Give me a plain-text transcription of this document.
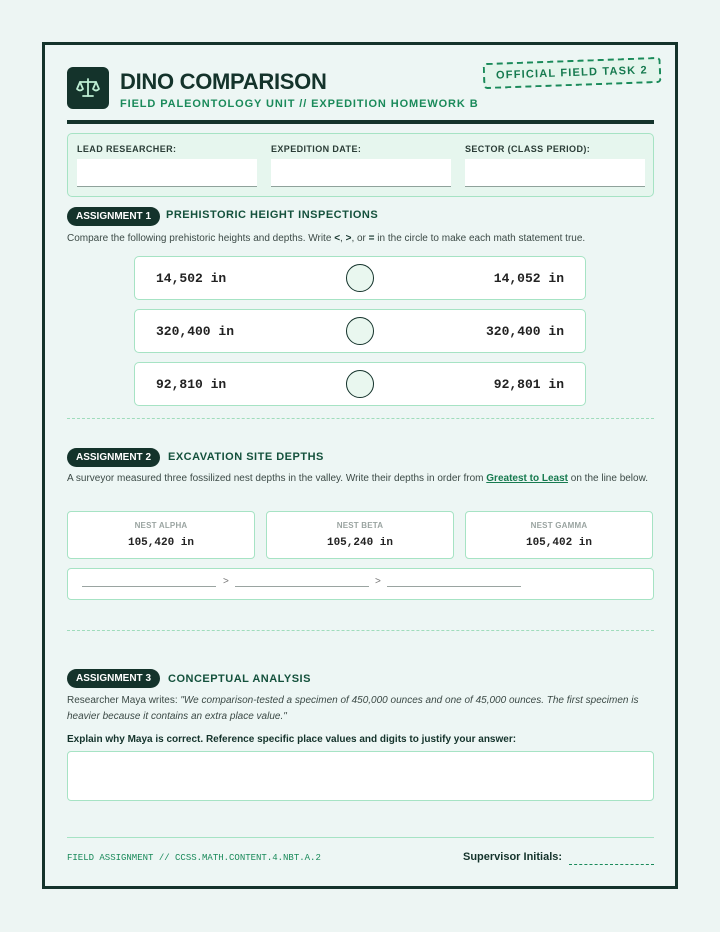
DINO COMPARISON
FIELD PALEONTOLOGY UNIT // EXPEDITION HOMEWORK B
OFFICIAL FIELD TASK 2
LEAD RESEARCHER:	EXPEDITION DATE:	SECTOR (CLASS PERIOD):
ASSIGNMENT 1	PREHISTORIC HEIGHT INSPECTIONS
Compare the following prehistoric heights and depths. Write <, >, or = in the circle to make each math statement true.
14,502 in	14,052 in
320,400 in	320,400 in
92,810 in	92,801 in
ASSIGNMENT 2	EXCAVATION SITE DEPTHS
A surveyor measured three fossilized nest depths in the valley. Write their depths in order from Greatest to Least on the line below.
NEST ALPHA
105,420 in
NEST BETA
105,240 in
NEST GAMMA
105,402 in
>	>
ASSIGNMENT 3	CONCEPTUAL ANALYSIS
Researcher Maya writes: "We comparison-tested a specimen of 450,000 ounces and one of 45,000 ounces. The first specimen is heavier because it contains an extra place value."
Explain why Maya is correct. Reference specific place values and digits to justify your answer:
FIELD ASSIGNMENT // CCSS.MATH.CONTENT.4.NBT.A.2	Supervisor Initials:
